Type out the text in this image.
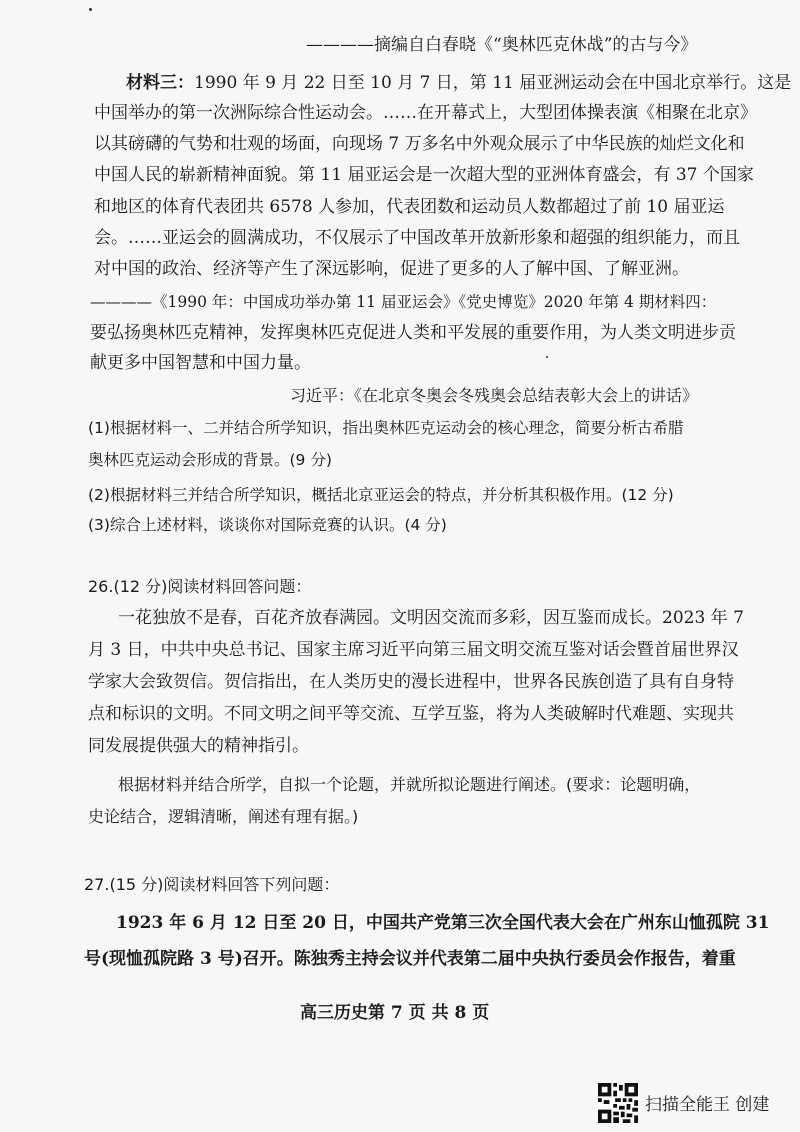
————摘编自白春晓《“奥林匹克休战”的古与今》
材料三：1990 年 9 月 22 日至 10 月 7 日，第 11 届亚洲运动会在中国北京举行。这是
中国举办的第一次洲际综合性运动会。……在开幕式上，大型团体操表演《相聚在北京》
以其磅礴的气势和壮观的场面，向现场 7 万多名中外观众展示了中华民族的灿烂文化和
中国人民的崭新精神面貌。第 11 届亚运会是一次超大型的亚洲体育盛会，有 37 个国家
和地区的体育代表团共 6578 人参加，代表团数和运动员人数都超过了前 10 届亚运
会。……亚运会的圆满成功，不仅展示了中国改革开放新形象和超强的组织能力，而且
对中国的政治、经济等产生了深远影响，促进了更多的人了解中国、了解亚洲。
————《1990 年：中国成功举办第 11 届亚运会》《党史博览》2020 年第 4 期材料四：
要弘扬奥林匹克精神，发挥奥林匹克促进人类和平发展的重要作用，为人类文明进步贡
献更多中国智慧和中国力量。
习近平：《在北京冬奥会冬残奥会总结表彰大会上的讲话》
(1)根据材料一、二并结合所学知识，指出奥林匹克运动会的核心理念，简要分析古希腊
奥林匹克运动会形成的背景。(9 分)
(2)根据材料三并结合所学知识，概括北京亚运会的特点，并分析其积极作用。(12 分)
(3)综合上述材料，谈谈你对国际竞赛的认识。(4 分)
26.(12 分)阅读材料回答问题：
一花独放不是春，百花齐放春满园。文明因交流而多彩，因互鉴而成长。2023 年 7
月 3 日，中共中央总书记、国家主席习近平向第三届文明交流互鉴对话会暨首届世界汉
学家大会致贺信。贺信指出，在人类历史的漫长进程中，世界各民族创造了具有自身特
点和标识的文明。不同文明之间平等交流、互学互鉴，将为人类破解时代难题、实现共
同发展提供强大的精神指引。
根据材料并结合所学，自拟一个论题，并就所拟论题进行阐述。(要求：论题明确，
史论结合，逻辑清晰，阐述有理有据。)
27.(15 分)阅读材料回答下列问题：
1923 年 6 月 12 日至 20 日，中国共产党第三次全国代表大会在广州东山恤孤院 31
号(现恤孤院路 3 号)召开。陈独秀主持会议并代表第二届中央执行委员会作报告，着重
高三历史第 7 页 共 8 页
扫描全能王 创建
